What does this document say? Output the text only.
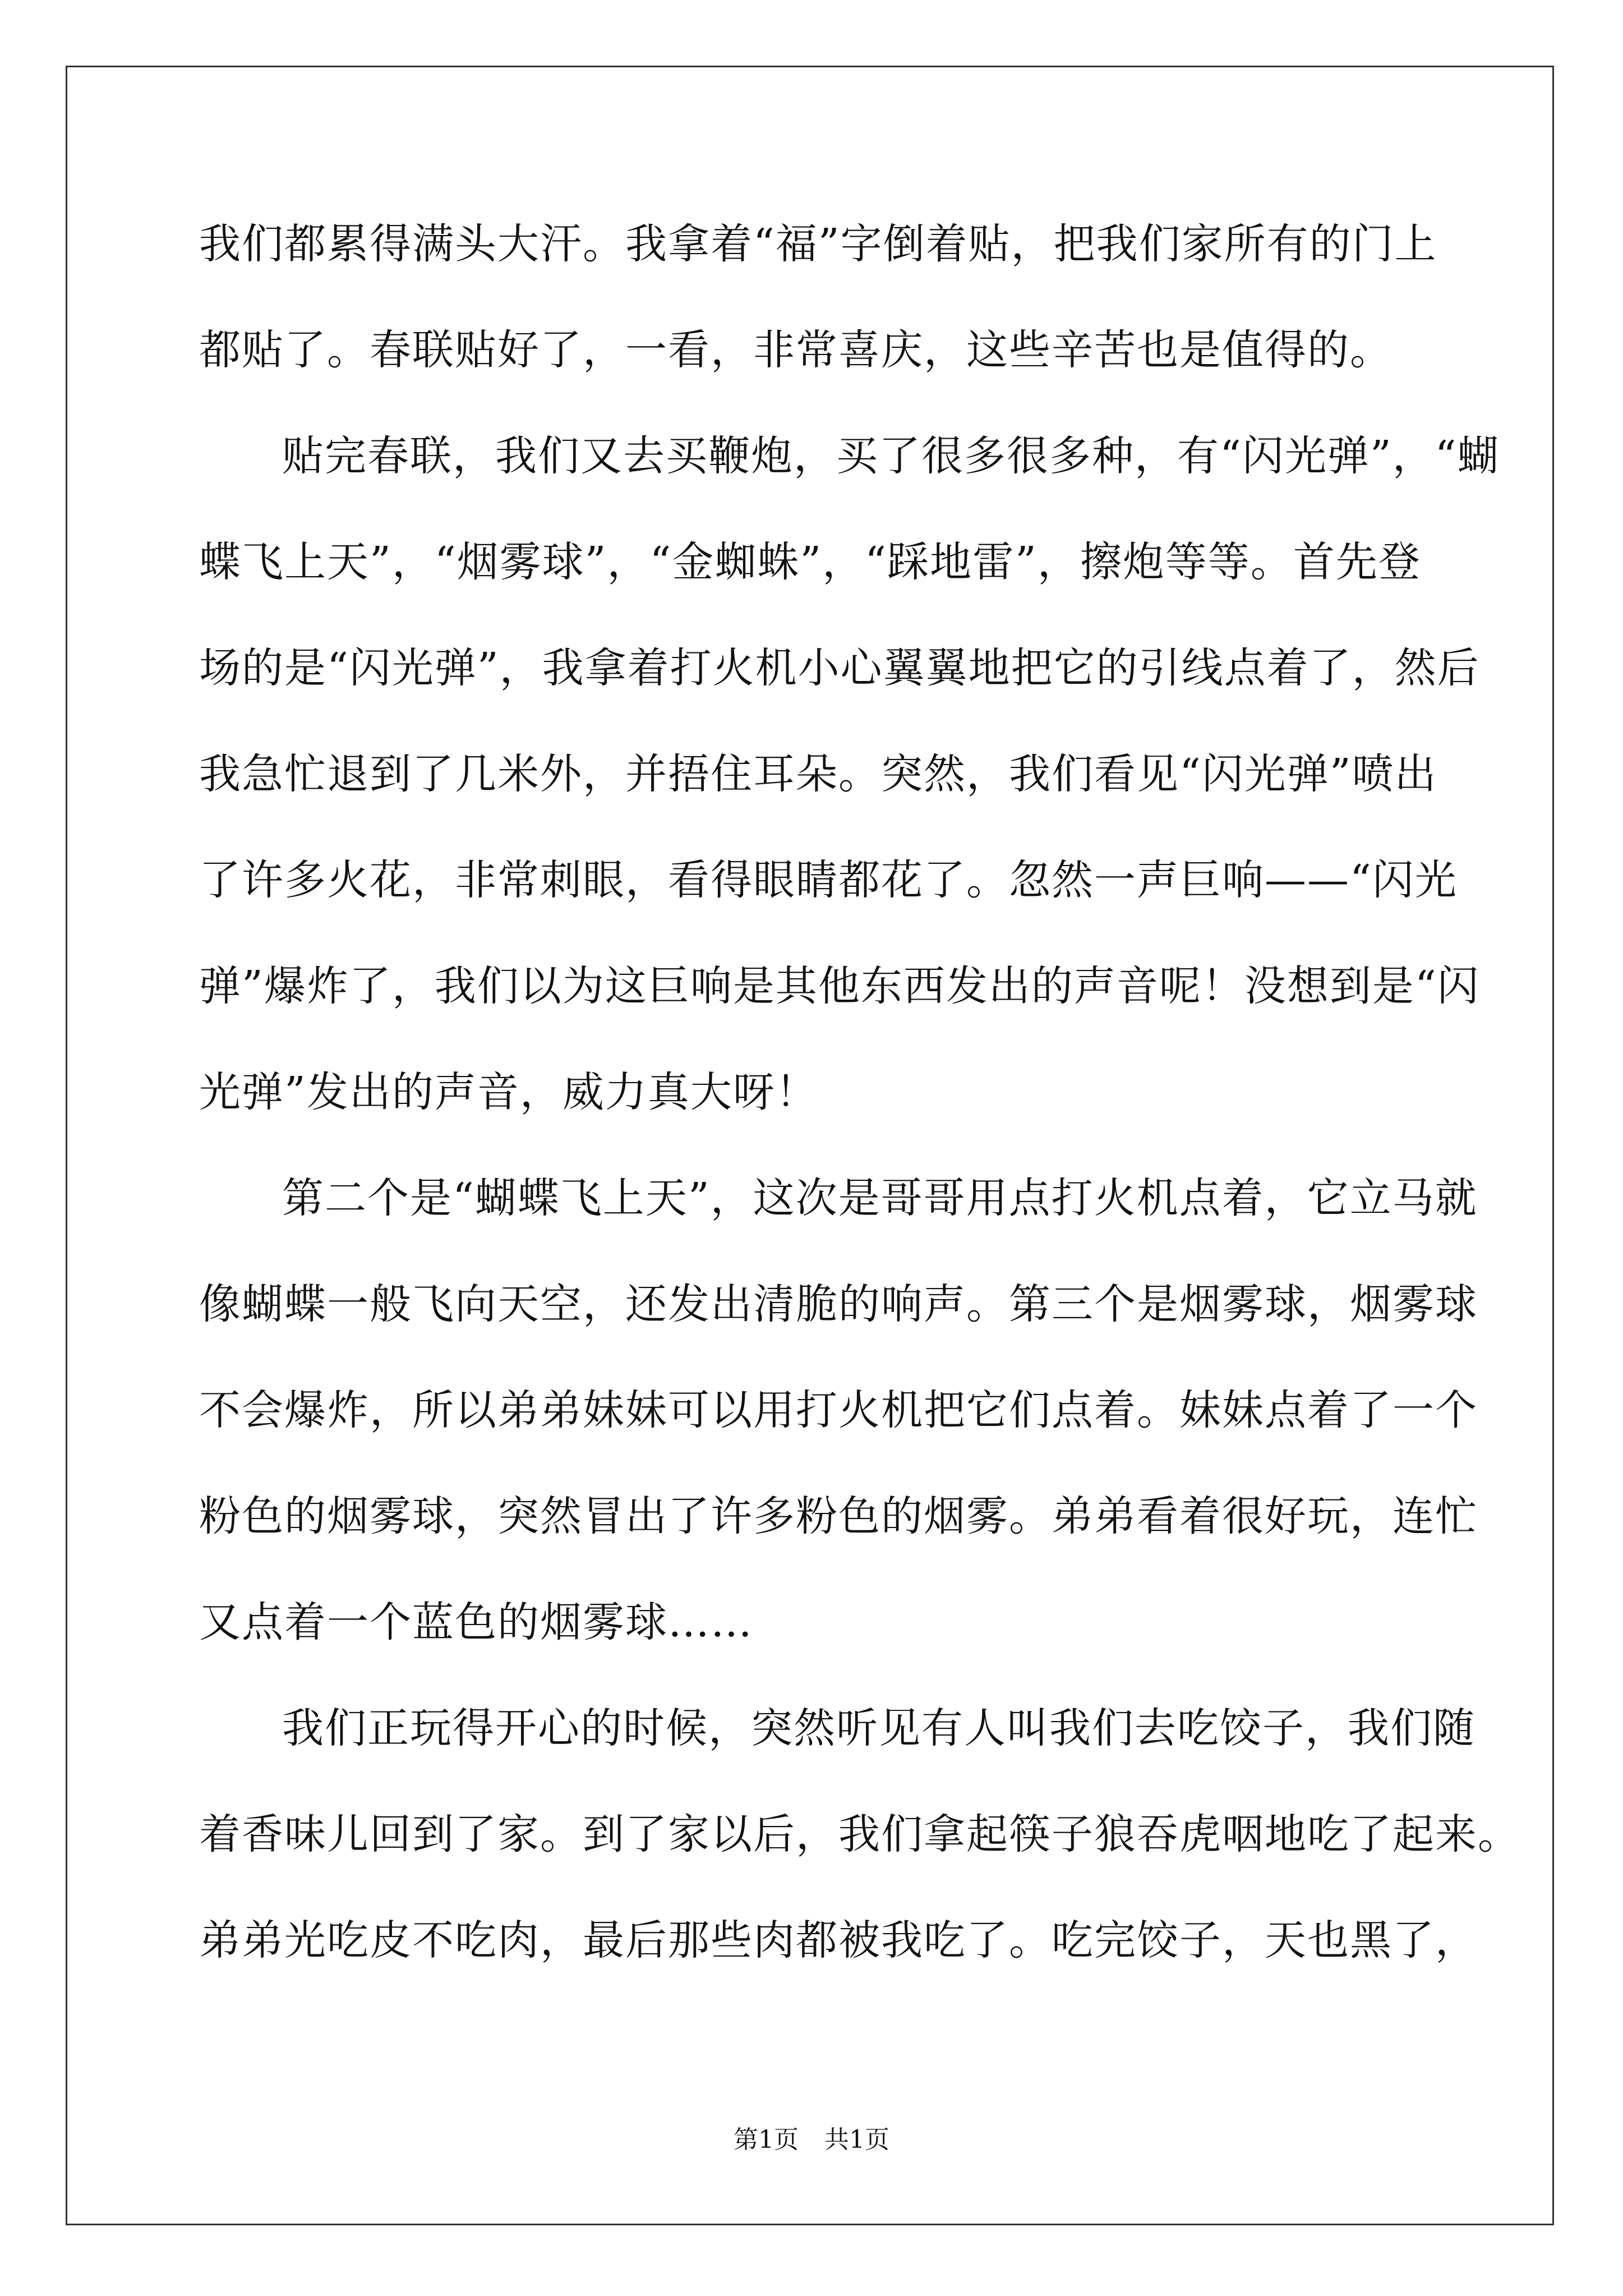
我们都累得满头大汗。我拿着“福”字倒着贴，把我们家所有的门上
都贴了。春联贴好了，一看，非常喜庆，这些辛苦也是值得的。
贴完春联，我们又去买鞭炮，买了很多很多种，有“闪光弹”，“蝴
蝶飞上天”，“烟雾球”，“金蜘蛛”，“踩地雷”，擦炮等等。首先登
场的是“闪光弹”，我拿着打火机小心翼翼地把它的引线点着了，然后
我急忙退到了几米外，并捂住耳朵。突然，我们看见“闪光弹”喷出
了许多火花，非常刺眼，看得眼睛都花了。忽然一声巨响——“闪光
弹”爆炸了，我们以为这巨响是其他东西发出的声音呢！没想到是“闪
光弹”发出的声音，威力真大呀！
第二个是“蝴蝶飞上天”，这次是哥哥用点打火机点着，它立马就
像蝴蝶一般飞向天空，还发出清脆的响声。第三个是烟雾球，烟雾球
不会爆炸，所以弟弟妹妹可以用打火机把它们点着。妹妹点着了一个
粉色的烟雾球，突然冒出了许多粉色的烟雾。弟弟看着很好玩，连忙
又点着一个蓝色的烟雾球……
我们正玩得开心的时候，突然听见有人叫我们去吃饺子，我们随
着香味儿回到了家。到了家以后，我们拿起筷子狼吞虎咽地吃了起来。
弟弟光吃皮不吃肉，最后那些肉都被我吃了。吃完饺子，天也黑了，
第1页 共1页
